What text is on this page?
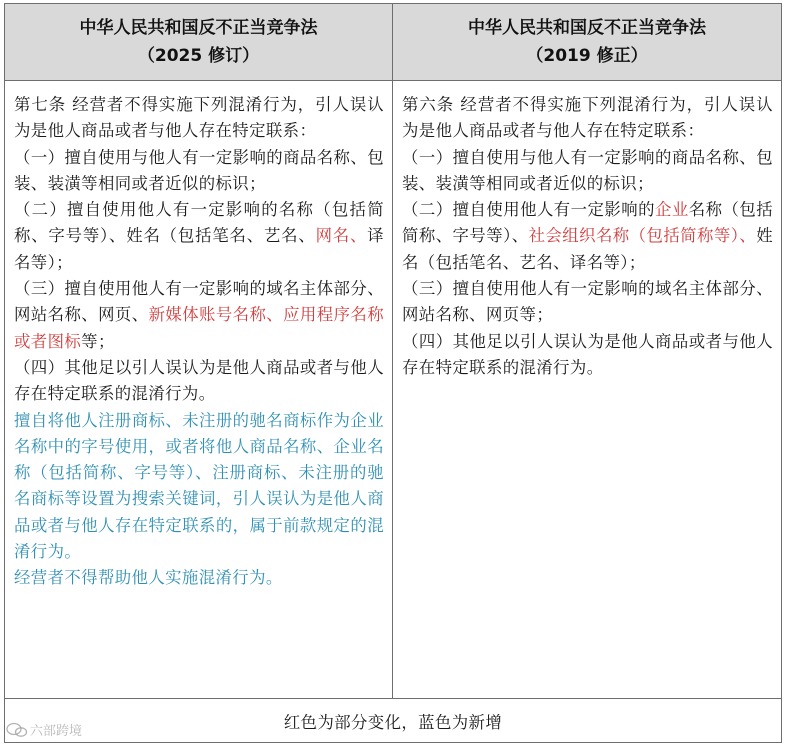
中华人民共和国反不正当竞争法
（2025 修订）
中华人民共和国反不正当竞争法
（2019 修正）

第七条 经营者不得实施下列混淆行为，引人误认为是他人商品或者与他人存在特定联系：

（一）擅自使用与他人有一定影响的商品名称、包装、装潢等相同或者近似的标识；

（二）擅自使用他人有一定影响的名称（包括简称、字号等）、姓名（包括笔名、艺名、网名、译名等）；

（三）擅自使用他人有一定影响的域名主体部分、网站名称、网页、新媒体账号名称、应用程序名称或者图标等；

（四）其他足以引人误认为是他人商品或者与他人存在特定联系的混淆行为。

擅自将他人注册商标、未注册的驰名商标作为企业名称中的字号使用，或者将他人商品名称、企业名称（包括简称、字号等）、注册商标、未注册的驰名商标等设置为搜索关键词，引人误认为是他人商品或者与他人存在特定联系的，属于前款规定的混淆行为。

经营者不得帮助他人实施混淆行为。

第六条 经营者不得实施下列混淆行为，引人误认为是他人商品或者与他人存在特定联系：

（一）擅自使用与他人有一定影响的商品名称、包装、装潢等相同或者近似的标识；

（二）擅自使用他人有一定影响的企业名称（包括简称、字号等）、社会组织名称（包括简称等）、姓名（包括笔名、艺名、译名等）；

（三）擅自使用他人有一定影响的域名主体部分、网站名称、网页等；

（四）其他足以引人误认为是他人商品或者与他人存在特定联系的混淆行为。

红色为部分变化，蓝色为新增
六部跨境
